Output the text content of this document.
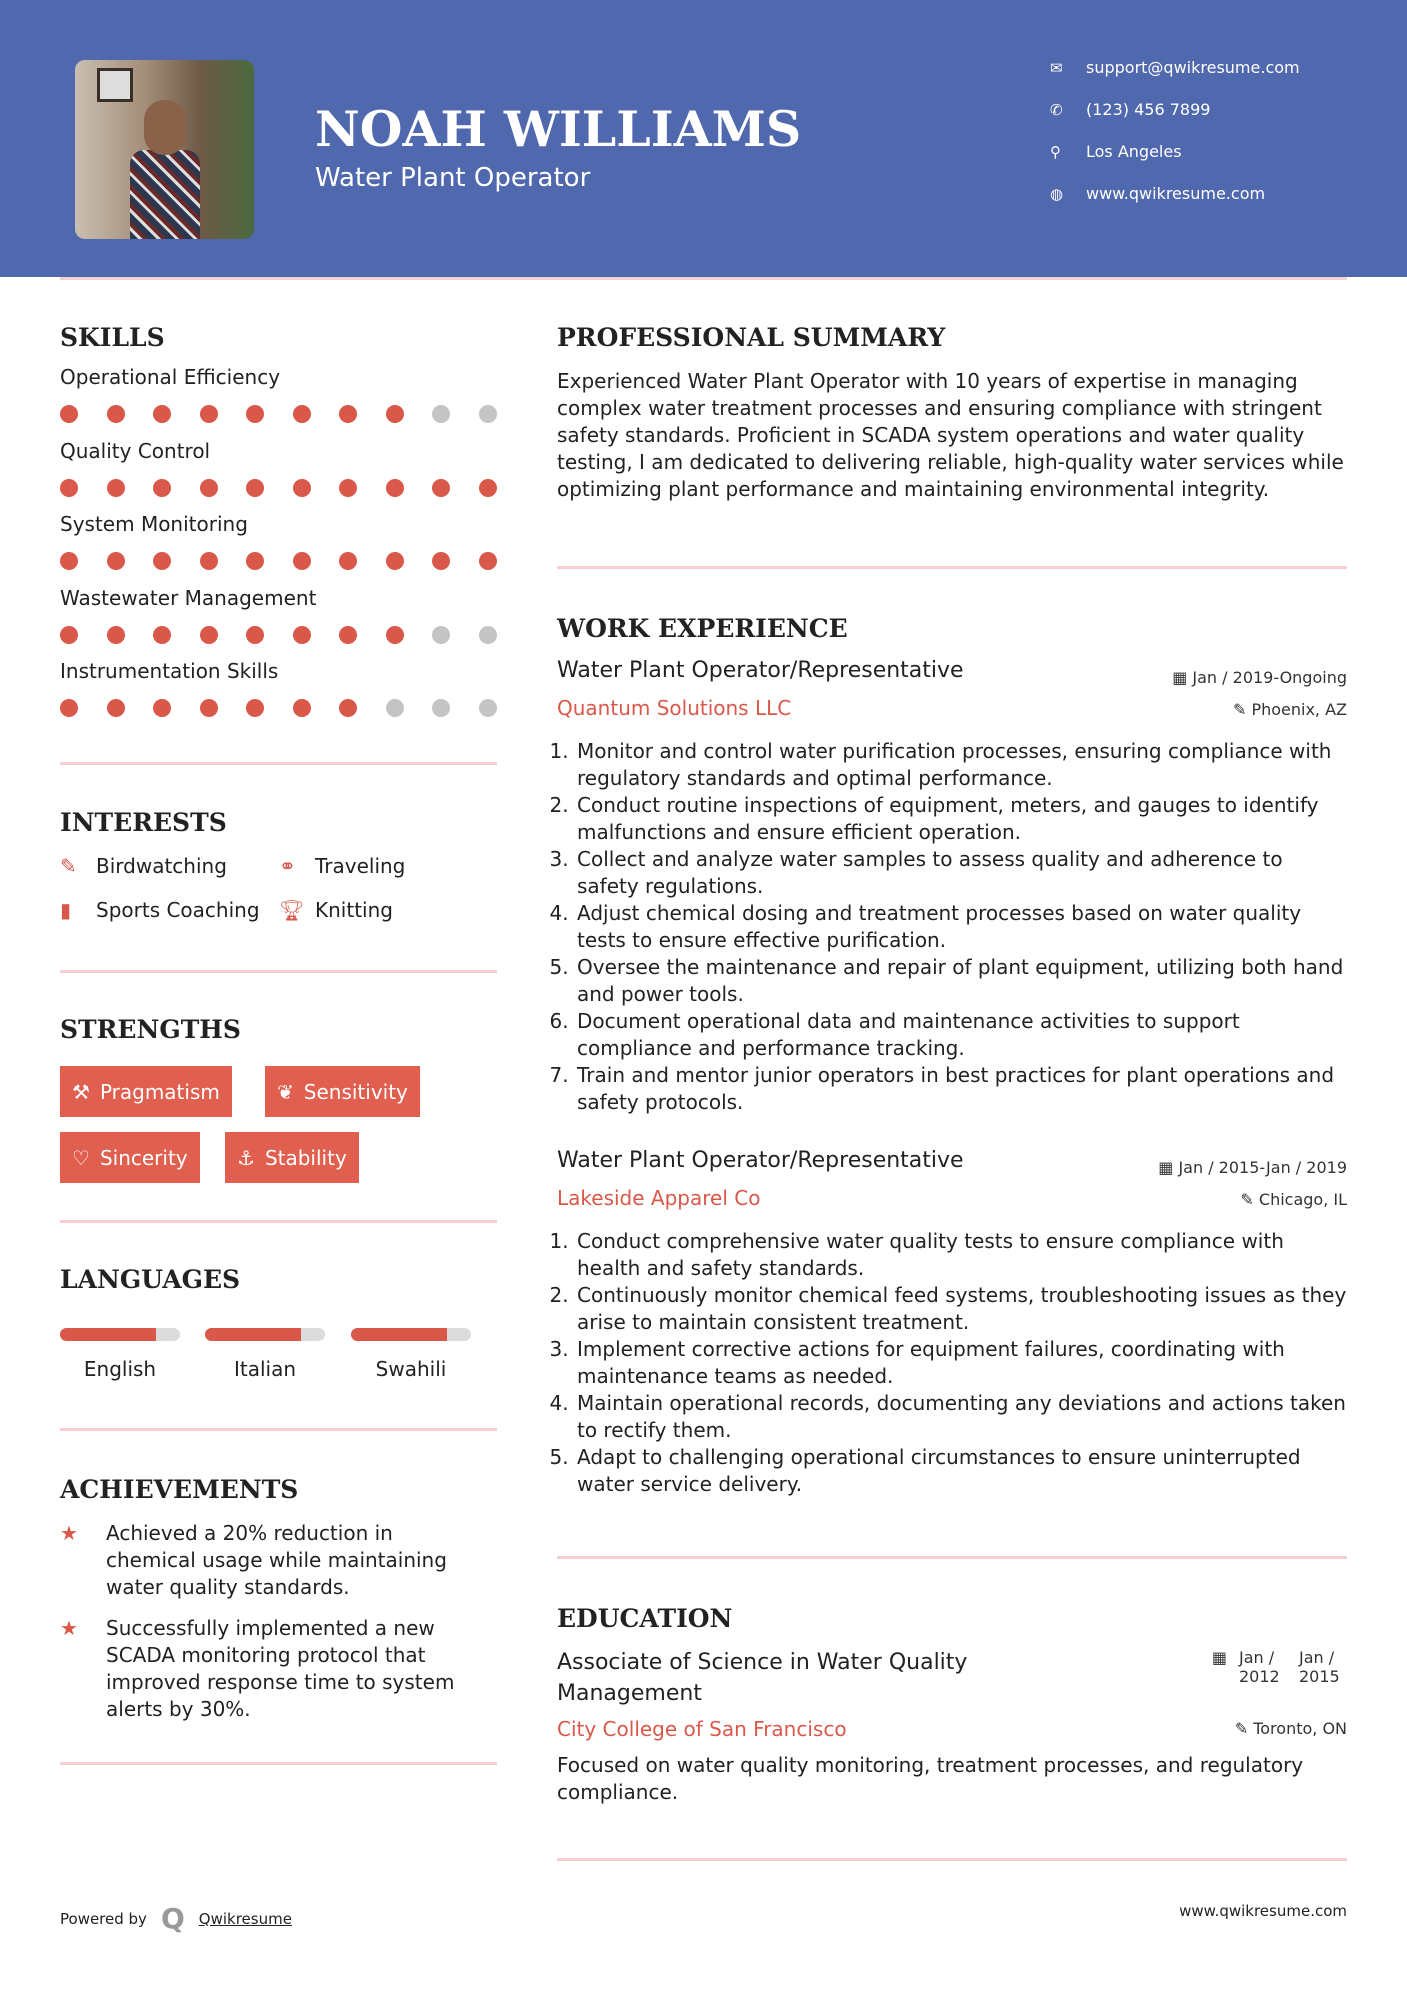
NOAH WILLIAMS
Water Plant Operator
✉	support@qwikresume.com
✆	(123) 456 7899
⚲	Los Angeles
◍	www.qwikresume.com
SKILLS
Operational Efficiency
Quality Control
System Monitoring
Wastewater Management
Instrumentation Skills
INTERESTS
✎ Birdwatching	⚭ Traveling
▮	Sports Coaching 🏆︎ Knitting
STRENGTHS
⚒ Pragmatism	❦ Sensitivity
♡ Sincerity ⚓ Stability
LANGUAGES
English	Italian	Swahili
ACHIEVEMENTS
★	Achieved a 20% reduction in chemical usage while maintaining water quality standards.
★	Successfully implemented a new SCADA monitoring protocol that improved response time to system alerts by 30%.
PROFESSIONAL SUMMARY
Experienced Water Plant Operator with 10 years of expertise in managing complex water treatment processes and ensuring compliance with stringent safety standards. Proficient in SCADA system operations and water quality testing, I am dedicated to delivering reliable, high-quality water services while optimizing plant performance and maintaining environmental integrity.
WORK EXPERIENCE
Water Plant Operator/Representative	▦ Jan / 2019-Ongoing
Quantum Solutions LLC	✎ Phoenix, AZ
1. Monitor and control water purification processes, ensuring compliance with regulatory standards and optimal performance.
2. Conduct routine inspections of equipment, meters, and gauges to identify malfunctions and ensure efficient operation.
3. Collect and analyze water samples to assess quality and adherence to safety regulations.
4. Adjust chemical dosing and treatment processes based on water quality tests to ensure effective purification.
5. Oversee the maintenance and repair of plant equipment, utilizing both hand and power tools.
6. Document operational data and maintenance activities to support compliance and performance tracking.
7. Train and mentor junior operators in best practices for plant operations and safety protocols.
Water Plant Operator/Representative	▦ Jan / 2015-Jan / 2019
Lakeside Apparel Co	✎ Chicago, IL
1. Conduct comprehensive water quality tests to ensure compliance with health and safety standards.
2. Continuously monitor chemical feed systems, troubleshooting issues as they arise to maintain consistent treatment.
3. Implement corrective actions for equipment failures, coordinating with maintenance teams as needed.
4. Maintain operational records, documenting any deviations and actions taken to rectify them.
5. Adapt to challenging operational circumstances to ensure uninterrupted water service delivery.
EDUCATION
Associate of Science in Water Quality Management
▦ Jan / 2012
Jan / 2015
City College of San Francisco	✎ Toronto, ON
Focused on water quality monitoring, treatment processes, and regulatory compliance.
Powered by Q Qwikresume	www.qwikresume.com
